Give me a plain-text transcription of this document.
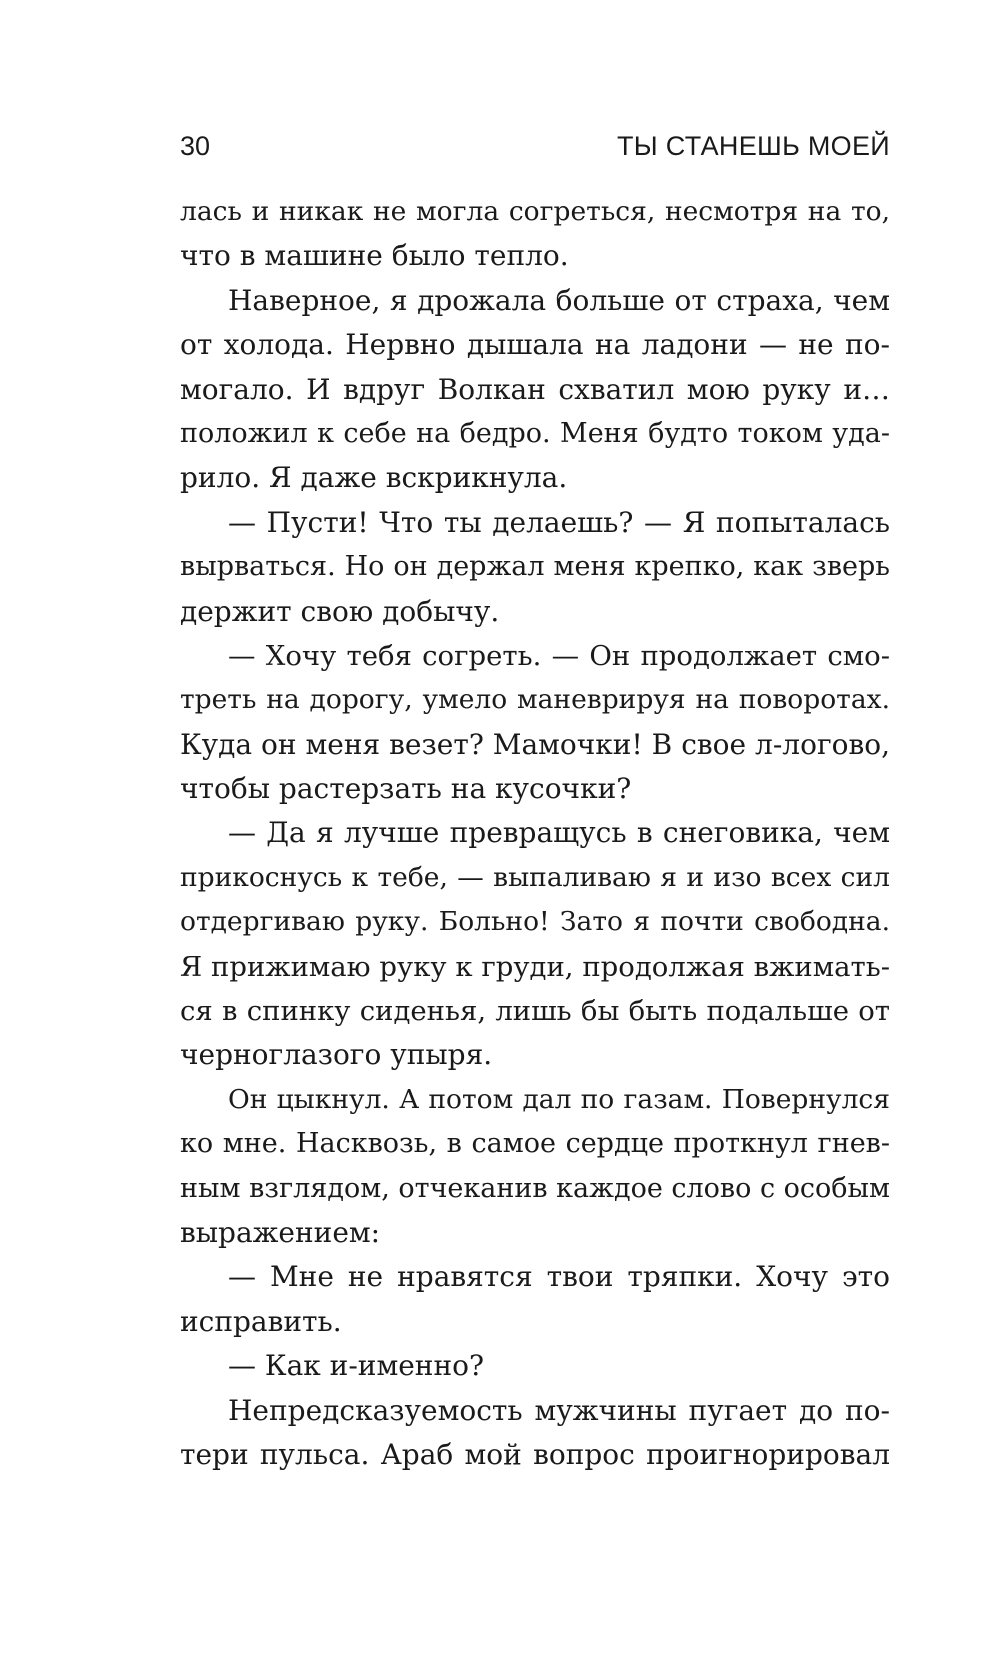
30	ТЫ СТАНЕШЬ МОЕЙ
лась и никак не могла согреться, несмотря на то,
что в машине было тепло.
Наверное, я дрожала больше от страха, чем
от холода. Нервно дышала на ладони — не по-
могало. И вдруг Волкан схватил мою руку и…
положил к себе на бедро. Меня будто током уда-
рило. Я даже вскрикнула.
— Пусти! Что ты делаешь? — Я попыталась
вырваться. Но он держал меня крепко, как зверь
держит свою добычу.
— Хочу тебя согреть. — Он продолжает смо-
треть на дорогу, умело маневрируя на поворотах.
Куда он меня везет? Мамочки! В свое л-логово,
чтобы растерзать на кусочки?
— Да я лучше превращусь в снеговика, чем
прикоснусь к тебе, — выпаливаю я и изо всех сил
отдергиваю руку. Больно! Зато я почти свободна.
Я прижимаю руку к груди, продолжая вжимать-
ся в спинку сиденья, лишь бы быть подальше от
черноглазого упыря.
Он цыкнул. А потом дал по газам. Повернулся
ко мне. Насквозь, в самое сердце проткнул гнев-
ным взглядом, отчеканив каждое слово с особым
выражением:
— Мне не нравятся твои тряпки. Хочу это
исправить.
— Как и-именно?
Непредсказуемость мужчины пугает до по-
тери пульса. Араб мой вопрос проигнорировал
